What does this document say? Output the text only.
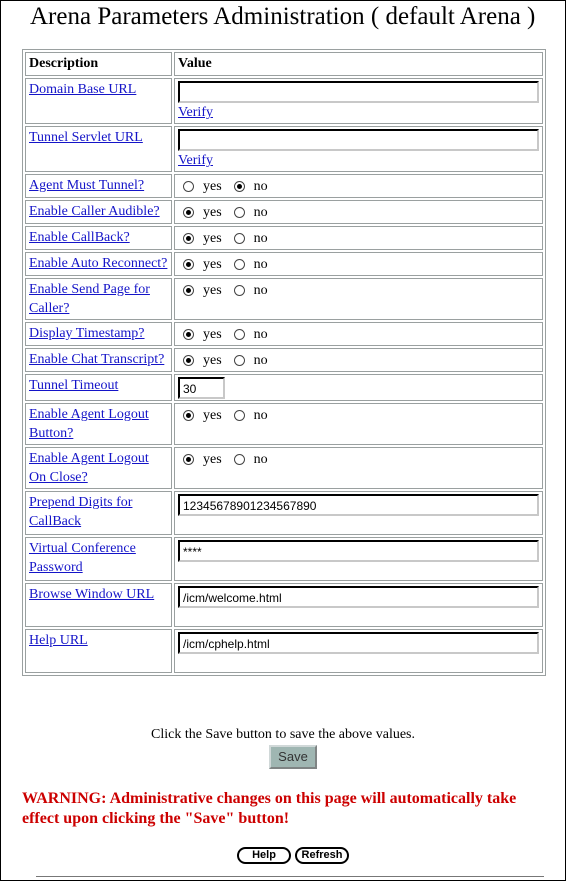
Arena Parameters Administration ( default Arena )
Description	Value
Domain Base URL	Verify
Tunnel Servlet URL	Verify
Agent Must Tunnel?	yes no

Enable Caller Audible?	yes no

Enable CallBack?	yes no

Enable Auto Reconnect?	yes no

Enable Send Page for Caller?	yes no

Display Timestamp?	yes no

Enable Chat Transcript?	yes no

Tunnel Timeout	30

Enable Agent Logout Button?	yes no

Enable Agent Logout On Close?	yes no

Prepend Digits for CallBack	12345678901234567890

Virtual Conference Password	****

Browse Window URL	/icm/welcome.html

Help URL	/icm/cphelp.html
Click the Save button to save the above values.
Save
WARNING: Administrative changes on this page will automatically take effect upon clicking the "Save" button!
Help	Refresh
